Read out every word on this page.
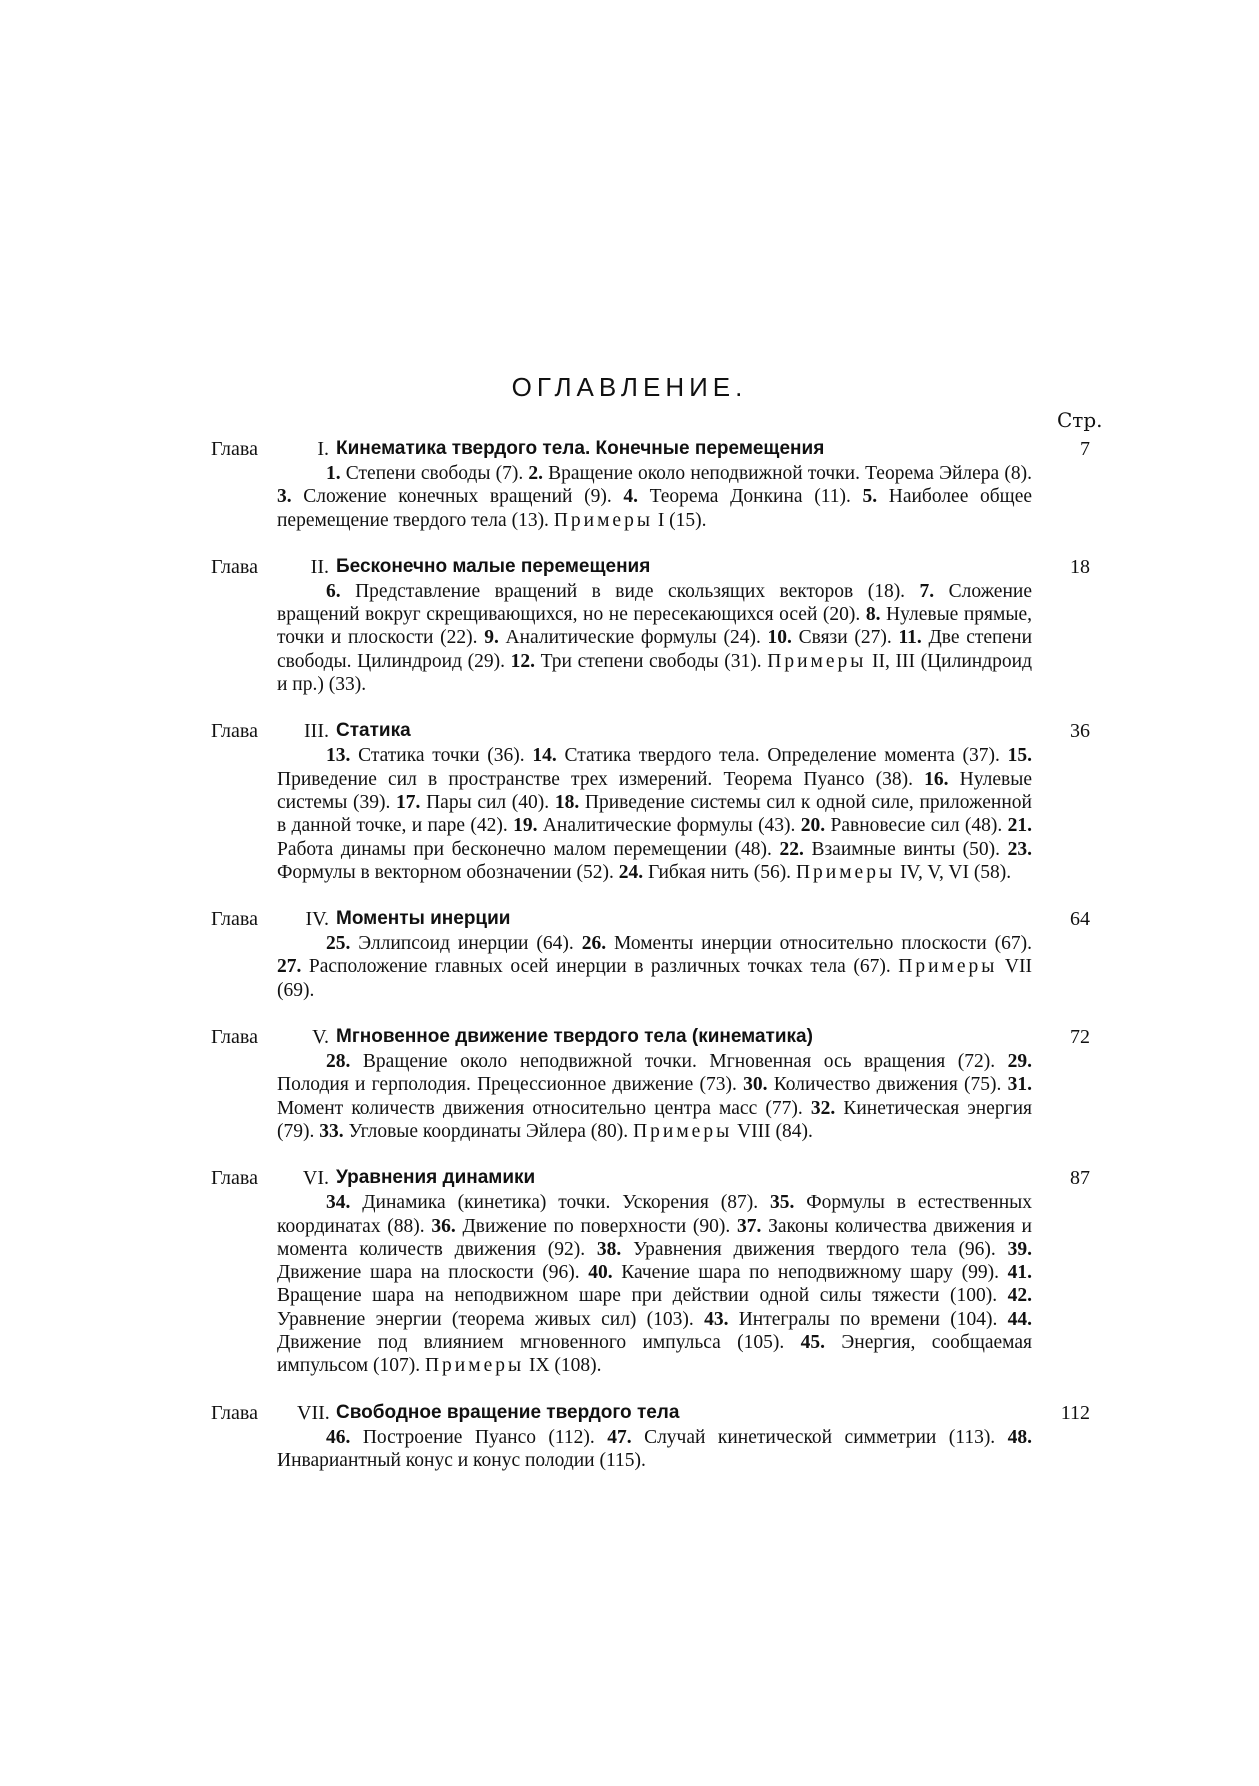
ОГЛАВЛЕНИЕ.
Стр.
Глава	I. Кинематика твердого тела. Конечные перемещения . . .	7
1. Степени свободы (7). 2. Вращение около неподвижной точки. Теорема Эйлера (8). 3. Сложение конечных вращений (9). 4. Теорема Донкина (11). 5. Наиболее общее перемещение твердого тела (13). Примеры I (15).
Глава	II. Бесконечно малые перемещения . . .	18
6. Представление вращений в виде скользящих векторов (18). 7. Сложение вращений вокруг скрещивающихся, но не пересекающихся осей (20). 8. Нулевые прямые, точки и плоскости (22). 9. Аналитические формулы (24). 10. Связи (27). 11. Две степени свободы. Цилиндроид (29). 12. Три степени свободы (31). Примеры II, III (Цилиндроид и пр.) (33).
Глава	III. Статика . . .	36
13. Статика точки (36). 14. Статика твердого тела. Определение момента (37). 15. Приведение сил в пространстве трех измерений. Теорема Пуансо (38). 16. Нулевые системы (39). 17. Пары сил (40). 18. Приведение системы сил к одной силе, приложенной в данной точке, и паре (42). 19. Аналитические формулы (43). 20. Равновесие сил (48). 21. Работа динамы при бесконечно малом перемещении (48). 22. Взаимные винты (50). 23. Формулы в векторном обозначении (52). 24. Гибкая нить (56). Примеры IV, V, VI (58).
Глава	IV. Моменты инерции . . .	64
25. Эллипсоид инерции (64). 26. Моменты инерции относительно плоскости (67). 27. Расположение главных осей инерции в различных точках тела (67). Примеры VII (69).
Глава	V. Мгновенное движение твердого тела (кинематика) . . .	72
28. Вращение около неподвижной точки. Мгновенная ось вращения (72). 29. Полодия и герполодия. Прецессионное движение (73). 30. Количество движения (75). 31. Момент количеств движения относительно центра масс (77). 32. Кинетическая энергия (79). 33. Угловые координаты Эйлера (80). Примеры VIII (84).
Глава VI. Уравнения динамики . . .	87
34. Динамика (кинетика) точки. Ускорения (87). 35. Формулы в естественных координатах (88). 36. Движение по поверхности (90). 37. Законы количества движения и момента количеств движения (92). 38. Уравнения движения твердого тела (96). 39. Движение шара на плоскости (96). 40. Качение шара по неподвижному шару (99). 41. Вращение шара на неподвижном шаре при действии одной силы тяжести (100). 42. Уравнение энергии (теорема живых сил) (103). 43. Интегралы по времени (104). 44. Движение под влиянием мгновенного импульса (105). 45. Энергия, сообщаемая импульсом (107). Примеры IX (108).
Глава VII. Свободное вращение твердого тела . . .	112
46. Построение Пуансо (112). 47. Случай кинетической симметрии (113). 48. Инвариантный конус и конус полодии (115).
